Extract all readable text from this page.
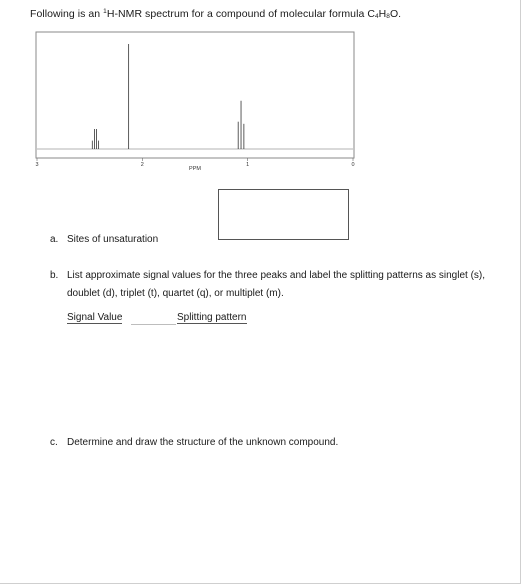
Following is an $^1$H-NMR spectrum for a compound of molecular formula $C_4H_8O$.
3	2	1	0
PPM
a. Sites of unsaturation
b. List approximate signal values for the three peaks and label the splitting patterns as singlet (s), doublet (d), triplet (t), quartet (q), or multiplet (m).
Signal Value	Splitting pattern
c. Determine and draw the structure of the unknown compound.
